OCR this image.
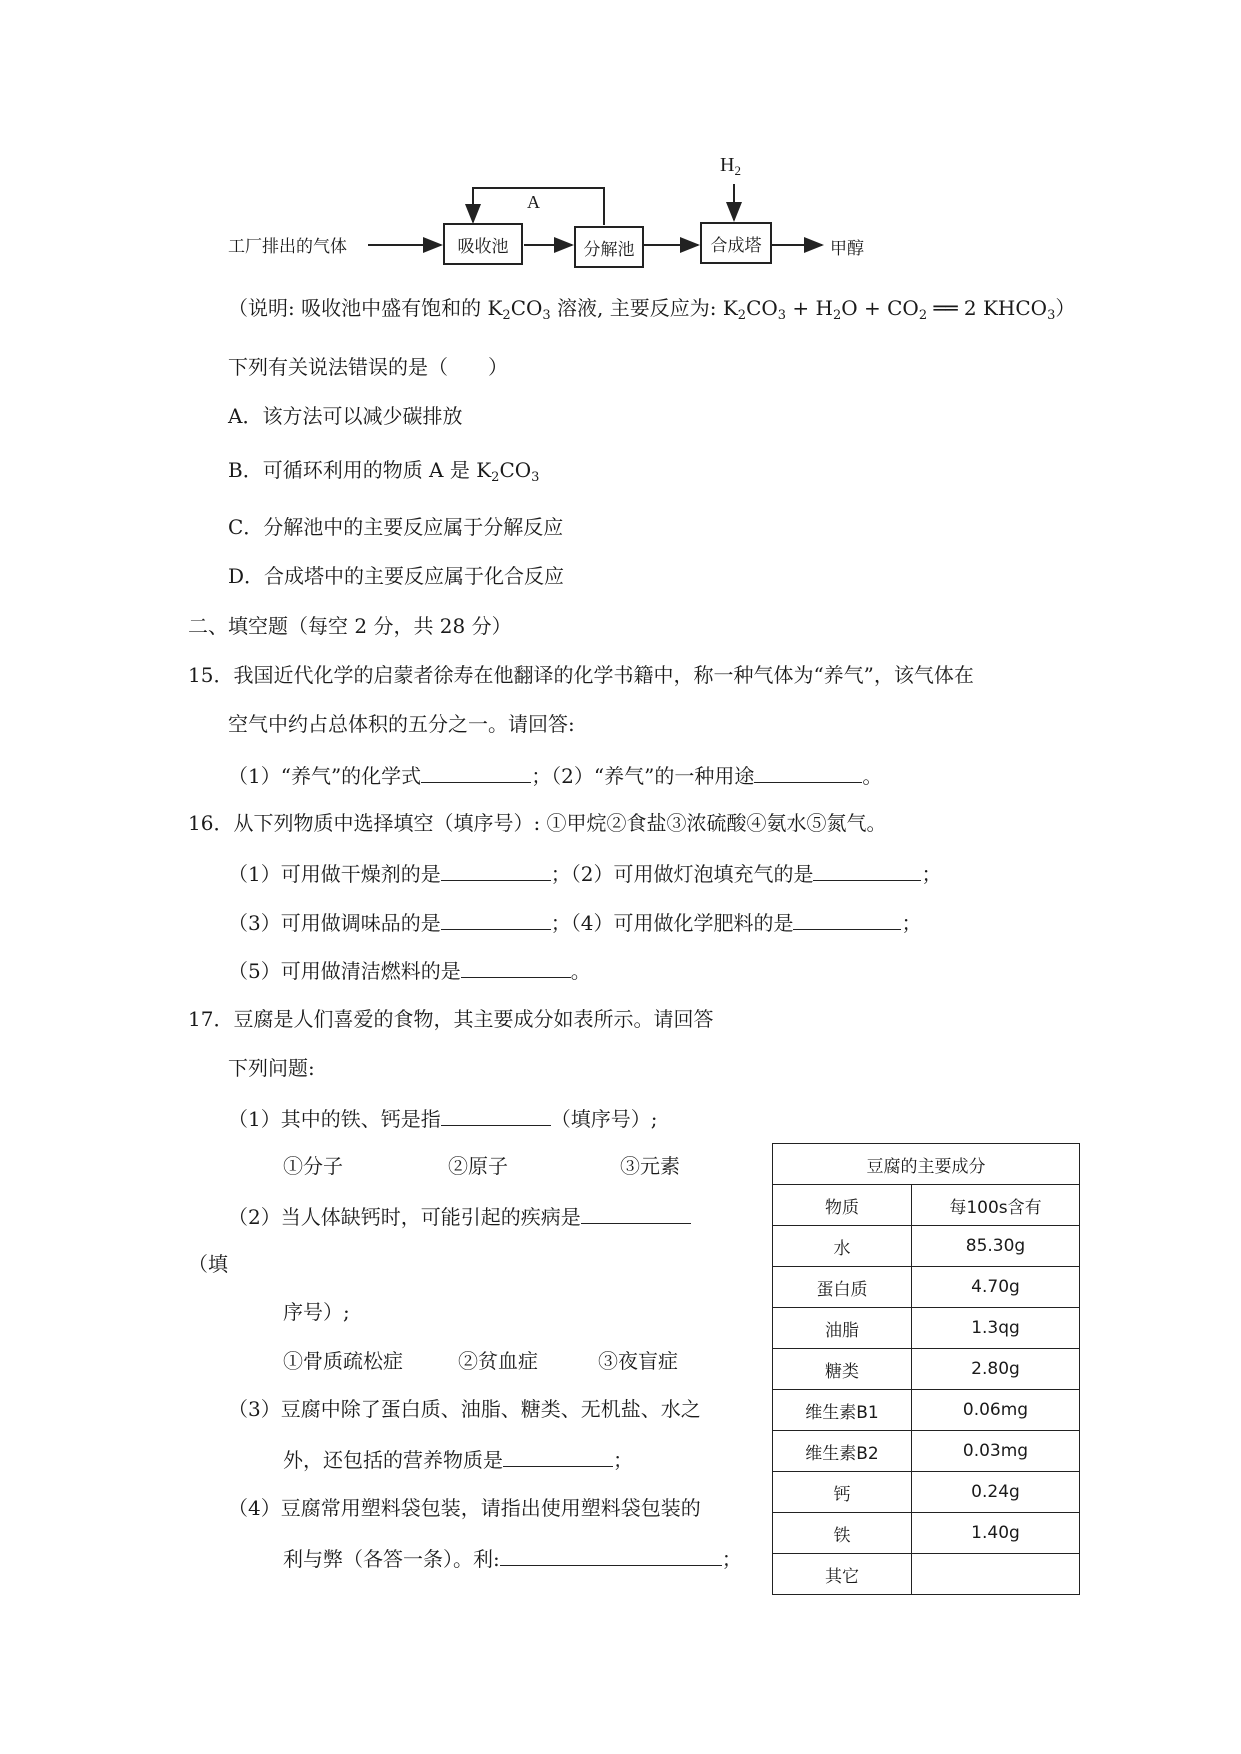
工厂排出的气体	吸收池	分解池	合成塔	甲醇
A
$H_2$
（说明: 吸收池中盛有饱和的 $K_2CO_3$ 溶液, 主要反应为: $K_2CO_3 + H_2O + CO_2$ ══ 2 $KHCO_3$）
下列有关说法错误的是（　　）
A．该方法可以减少碳排放
B．可循环利用的物质 A 是 $K_2CO_3$
C．分解池中的主要反应属于分解反应
D．合成塔中的主要反应属于化合反应
二、填空题（每空 2 分，共 28 分）
15．我国近代化学的启蒙者徐寿在他翻译的化学书籍中，称一种气体为“养气”，该气体在
空气中约占总体积的五分之一。请回答:
（1）“养气”的化学式	；（2）“养气”的一种用途	。
16．从下列物质中选择填空（填序号）: ①甲烷②食盐③浓硫酸④氨水⑤氮气。
（1）可用做干燥剂的是	；（2）可用做灯泡填充气的是	；
（3）可用做调味品的是	；（4）可用做化学肥料的是	；
（5）可用做清洁燃料的是	。
17．豆腐是人们喜爱的食物，其主要成分如表所示。请回答
下列问题:
（1）其中的铁、钙是指	（填序号）;
①分子	②原子	③元素
（2）当人体缺钙时，可能引起的疾病是
（填
序号）;
①骨质疏松症	②贫血症	③夜盲症
（3）豆腐中除了蛋白质、油脂、糖类、无机盐、水之
外，还包括的营养物质是	；
（4）豆腐常用塑料袋包装，请指出使用塑料袋包装的
利与弊（各答一条）。利:	；
豆腐的主要成分	
物质	每100s含有
水	85.30g
蛋白质	4.70g
油脂	1.3qg
糖类	2.80g
维生素B1	0.06mg
维生素B2	0.03mg
钙	0.24g
铁	1.40g
其它	
